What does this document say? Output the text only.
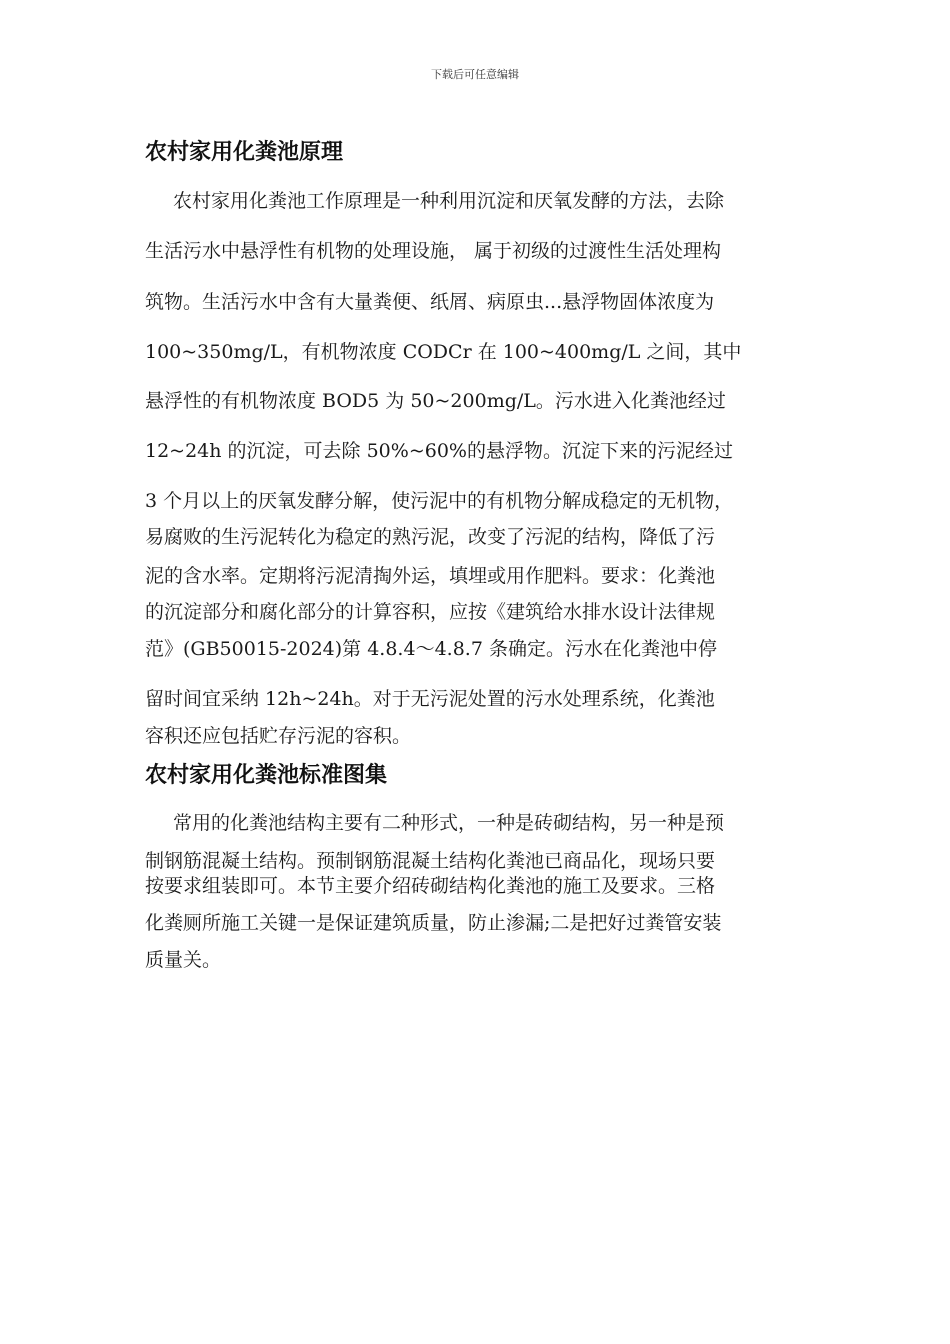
下载后可任意编辑
农村家用化粪池原理
农村家用化粪池工作原理是一种利用沉淀和厌氧发酵的方法，去除
生活污水中悬浮性有机物的处理设施， 属于初级的过渡性生活处理构
筑物。生活污水中含有大量粪便、纸屑、病原虫...悬浮物固体浓度为
100~350mg/L，有机物浓度 CODCr 在 100~400mg/L 之间，其中
悬浮性的有机物浓度 BOD5 为 50~200mg/L。污水进入化粪池经过
12~24h 的沉淀，可去除 50%~60%的悬浮物。沉淀下来的污泥经过
3 个月以上的厌氧发酵分解，使污泥中的有机物分解成稳定的无机物，
易腐败的生污泥转化为稳定的熟污泥，改变了污泥的结构，降低了污
泥的含水率。定期将污泥清掏外运，填埋或用作肥料。要求：化粪池
的沉淀部分和腐化部分的计算容积，应按《建筑给水排水设计法律规
范》(GB50015-2024)第 4.8.4～4.8.7 条确定。污水在化粪池中停
留时间宜采纳 12h~24h。对于无污泥处置的污水处理系统，化粪池
容积还应包括贮存污泥的容积。
农村家用化粪池标准图集
常用的化粪池结构主要有二种形式，一种是砖砌结构，另一种是预
制钢筋混凝土结构。预制钢筋混凝土结构化粪池已商品化，现场只要
按要求组装即可。本节主要介绍砖砌结构化粪池的施工及要求。三格
化粪厕所施工关键一是保证建筑质量，防止渗漏;二是把好过粪管安装
质量关。
